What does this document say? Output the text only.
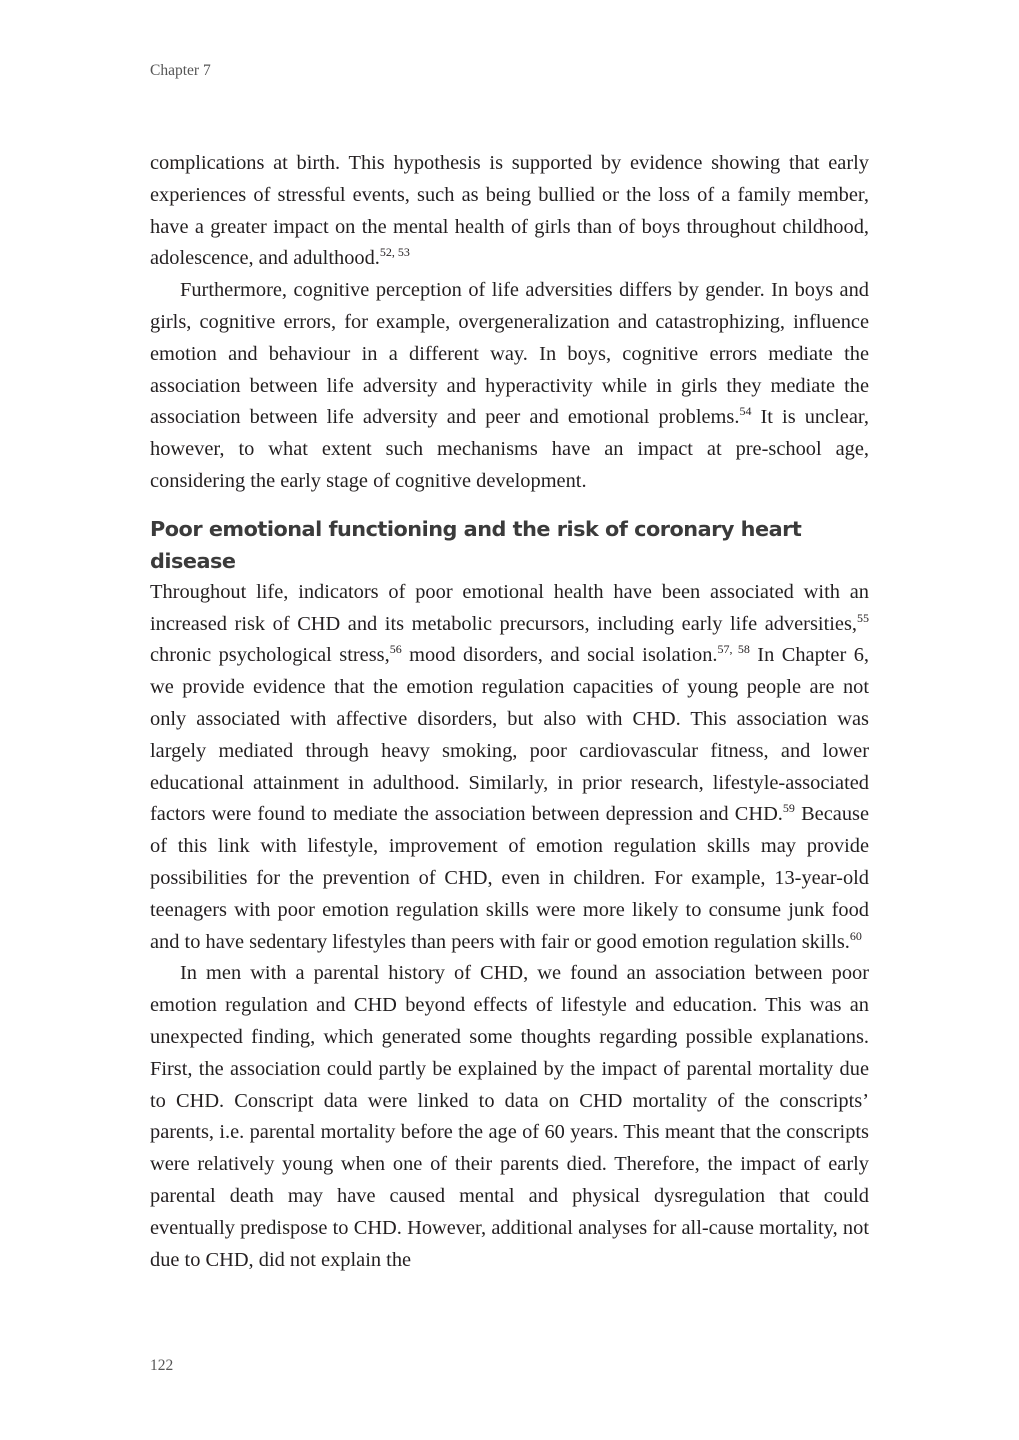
Chapter 7

complications at birth. This hypothesis is supported by evidence showing that early experiences of stressful events, such as being bullied or the loss of a family member, have a greater impact on the mental health of girls than of boys throughout childhood, adolescence, and adulthood.$^{52, 53}$

Furthermore, cognitive perception of life adversities differs by gender. In boys and girls, cognitive errors, for example, overgeneralization and catastrophizing, influence emotion and behaviour in a different way. In boys, cognitive errors mediate the association between life adversity and hyperactivity while in girls they mediate the association between life adversity and peer and emotional problems.$^{54}$ It is unclear, however, to what extent such mechanisms have an impact at pre-school age, considering the early stage of cognitive development.

Poor emotional functioning and the risk of coronary heart disease

Throughout life, indicators of poor emotional health have been associated with an increased risk of CHD and its metabolic precursors, including early life adversities,$^{55}$ chronic psychological stress,$^{56}$ mood disorders, and social isolation.$^{57, 58}$ In Chapter 6, we provide evidence that the emotion regulation capacities of young people are not only associated with affective disorders, but also with CHD. This association was largely mediated through heavy smoking, poor cardiovascular fitness, and lower educational attainment in adulthood. Similarly, in prior research, lifestyle-associated factors were found to mediate the association between depression and CHD.$^{59}$ Because of this link with lifestyle, improvement of emotion regulation skills may provide possibilities for the prevention of CHD, even in children. For example, 13-year-old teenagers with poor emotion regulation skills were more likely to consume junk food and to have sedentary lifestyles than peers with fair or good emotion regulation skills.$^{60}$

In men with a parental history of CHD, we found an association between poor emotion regulation and CHD beyond effects of lifestyle and education. This was an unexpected finding, which generated some thoughts regarding possible explanations. First, the association could partly be explained by the impact of parental mortality due to CHD. Conscript data were linked to data on CHD mortality of the conscripts’ parents, i.e. parental mortality before the age of 60 years. This meant that the conscripts were relatively young when one of their parents died. Therefore, the impact of early parental death may have caused mental and physical dysregulation that could eventually predispose to CHD. However, additional analyses for all-cause mortality, not due to CHD, did not explain the

122
